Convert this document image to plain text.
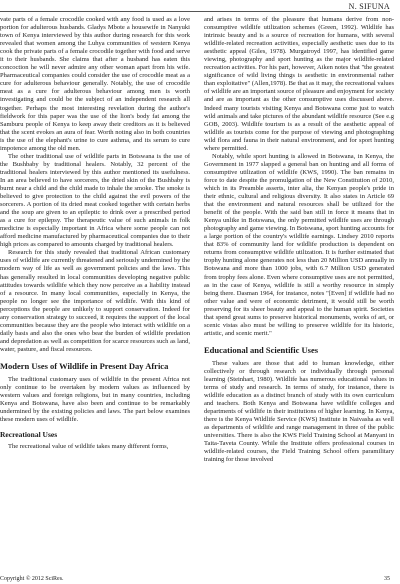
N. SIFUNA

vate parts of a female crocodile cooked with any food is used as a love portion for adulterous husbands. Gladys Mbote a housewife in Nanyuki town of Kenya interviewed by this author during research for this work revealed that women among the Luhya communities of western Kenya cook the private parts of a female crocodile together with food and serve it to their husbands. She claims that after a husband has eaten this concoction he will never admire any other woman apart from his wife. Pharmaceutical companies could consider the use of crocodile meat as a cure for adulterous behaviour generally. Notably, the use of crocodile meat as a cure for adulterous behaviour among men is worth investigating and could be the subject of an independent research all together. Perhaps the most interesting revelation during the author's fieldwork for this paper was the use of the lion's body fat among the Samburu people of Kenya to keep away their creditors as it is believed that the scent evokes an aura of fear. Worth noting also in both countries is the use of the elephant's urine to cure asthma, and its serum to cure impotence among the old men.

The other traditional use of wildlife parts in Botswana is the use of the Bushbaby by traditional healers. Notably, 32 percent of the traditional healers interviewed by this author mentioned its usefulness. In an area believed to have sorcerers, the dried skin of the Bushbaby is burnt near a child and the child made to inhale the smoke. The smoke is believed to give protection to the child against the evil powers of the sorcerers. A portion of its dried meat cooked together with certain herbs and the soup are given to an epileptic to drink over a prescribed period as a cure for epilepsy. The therapeutic value of such animals in folk medicine is especially important in Africa where some people can not afford medicine manufactured by pharmaceutical companies due to their high prices as compared to amounts charged by traditional healers.

Research for this study revealed that traditional African customary uses of wildlife are currently threatened and seriously undermined by the modern way of life as well as government policies and the laws. This has generally resulted in local communities developing negative public attitudes towards wildlife which they now perceive as a liability instead of a resource. In many local communities, especially in Kenya, the people no longer see the importance of wildlife. With this kind of perceptions the people are unlikely to support conservation. Indeed for any conservation strategy to succeed, it requires the support of the local communities because they are the people who interact with wildlife on a daily basis and also the ones who bear the burden of wildlife predation and depredation as well as competition for scarce resources such as land, water, pasture, and fiscal resources.

Modern Uses of Wildlife in Present Day Africa

The traditional customary uses of wildlife in the present Africa not only continue to be overtaken by modern values as influenced by western values and foreign religions, but in many countries, including Kenya and Botswana, have also been and continue to be remarkably undermined by the existing policies and laws. The part below examines these modern uses of wildlife.

Recreational Uses

The recreational value of wildlife takes many different forms,

and arises in terms of the pleasure that humans derive from non-consumptive wildlife utilization schemes (Green, 1992). Wildlife has intrinsic beauty and is a source of recreation for humans, with several wildlife-related recreation activities, especially aesthetic uses due to its aesthetic appeal (Giles, 1978). Murgatroyd 1997, has identified game viewing, photography and sport hunting as the major wildlife-related recreation activities. For his part, however, Aiken notes that "the greatest significance of wild living things is aesthetic in environmental rather than exploitative" (Allen,1978). Be that as it may, the recreational values of wildlife are an important source of pleasure and enjoyment for society and are as important as the other consumptive uses discussed above. Indeed many tourists visiting Kenya and Botswana come just to watch wild animals and take pictures of the abundant wildlife resource (See e.g GOB, 2003). Wildlife tourism is as a result of the aesthetic appeal of wildlife as tourists come for the purpose of viewing and photographing wild flora and fauna in their natural environment, and for sport hunting where permitted.

Notably, while sport hunting is allowed in Botswana, in Kenya, the Government in 1977 slapped a general ban on hunting and all forms of consumptive utilization of wildlife (KWS, 1990). The ban remains in force to date despite the promulgation of the New Constitution of 2010, which in its Preamble asserts, inter alia, the Kenyan people's pride in their ethnic, cultural and religious diversity. It also states in Article 69 that the environment and natural resources shall be utilized for the benefit of the people. With the said ban still in force it means that in Kenya unlike in Botswana, the only permitted wildlife uses are through photography and game viewing. In Botswana, sport hunting accounts for a large portion of the country's wildlife earnings. Lindsey 2010 reports that 83% of community land for wildlife production is dependent on returns from consumptive wildlife utilization. It is further estimated that trophy hunting alone generates not less than 20 Million USD annually in Botswana and more than 1000 jobs, with 6.7 Million USD generated from trophy fees alone. Even where consumptive uses are not permitted, as in the case of Kenya, wildlife is still a worthy resource in simply being there. Dasman 1964, for instance, notes "[Even] if wildlife had no other value and were of economic detriment, it would still be worth preserving for its sheer beauty and appeal to the human spirit. Societies that spend great sums to preserve historical monuments, works of art, or scenic vistas also must be willing to preserve wildlife for its historic, artistic, and scenic merit."

Educational and Scientific Uses

These values are those that add to human knowledge, either collectively or through research or individually through personal learning (Steinhart, 1980). Wildlife has numerous educational values in terms of study and research. In terms of study, for instance, there is wildlife education as a distinct branch of study with its own curriculum and teachers. Both Kenya and Botswana have wildlife colleges and departments of wildlife in their institutions of higher learning. In Kenya, there is the Kenya Wildlife Service (KWS) Institute in Naivasha as well as departments of wildlife and range management in three of the public universities. There is also the KWS Field Training School at Manyani in Taita-Taveta County. While the Institute offers professional courses in wildlife-related courses, the Field Training School offers paramilitary training for those involved

Copyright © 2012 SciRes.	35
